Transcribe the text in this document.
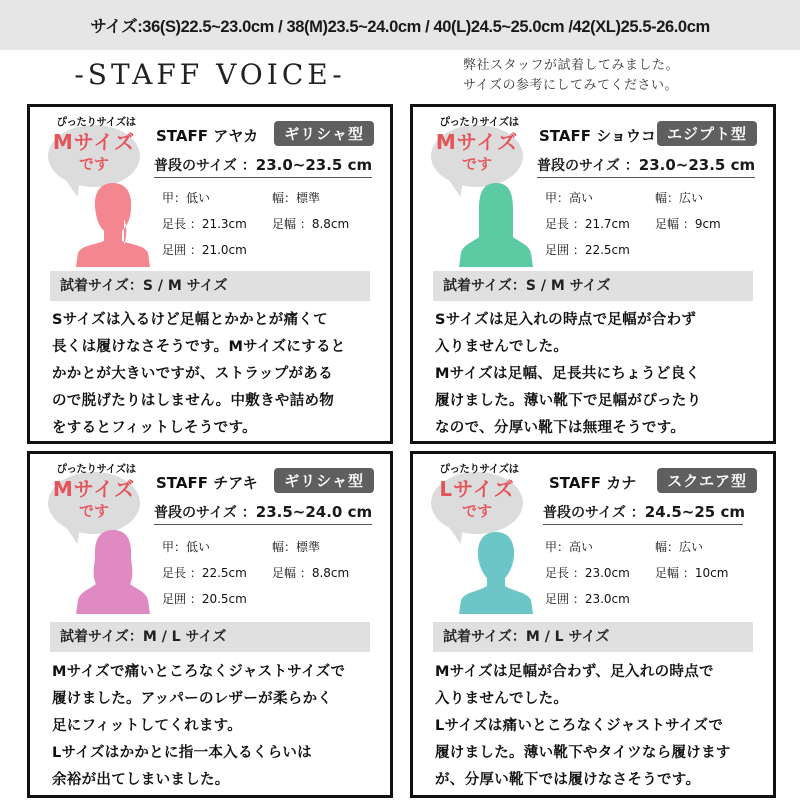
サイズ:36(S)22.5~23.0cm / 38(M)23.5~24.0cm / 40(L)24.5~25.0cm /42(XL)25.5-26.0cm
-STAFF VOICE-	弊社スタッフが試着してみました。
サイズの参考にしてみてください。
ぴったりサイズは
Mサイズ
です
STAFF アヤカ	ギリシャ型
普段のサイズ ：23.0~23.5 cm
甲：低い	幅：標準
足長 ：21.3cm 足幅 ：8.8cm
足囲 ：21.0cm
試着サイズ：S / M サイズ
Sサイズは入るけど足幅とかかとが痛くて
長くは履けなさそうです。Mサイズにすると
かかとが大きいですが、ストラップがある
ので脱げたりはしません。中敷きや詰め物
をするとフィットしそうです。
ぴったりサイズは
Mサイズ
です
STAFF ショウコ エジプト型
普段のサイズ ：23.0~23.5 cm
甲：高い	幅：広い
足長 ：21.7cm 足幅 ：9cm
足囲 ：22.5cm
試着サイズ：S / M サイズ
Sサイズは足入れの時点で足幅が合わず
入りませんでした。
Mサイズは足幅、足長共にちょうど良く
履けました。薄い靴下で足幅がぴったり
なので、分厚い靴下は無理そうです。
ぴったりサイズは
Mサイズ
です
STAFF チアキ	ギリシャ型
普段のサイズ ：23.5~24.0 cm
甲：低い	幅：標準
足長 ：22.5cm 足幅 ：8.8cm
足囲 ：20.5cm
試着サイズ：M / L サイズ
Mサイズで痛いところなくジャストサイズで
履けました。アッパーのレザーが柔らかく
足にフィットしてくれます。
Lサイズはかかとに指一本入るくらいは
余裕が出てしまいました。
ぴったりサイズは
Lサイズ
です
STAFF カナ	スクエア型
普段のサイズ ：24.5~25 cm
甲：高い	幅：広い
足長 ：23.0cm 足幅 ：10cm
足囲 ：23.0cm
試着サイズ：M / L サイズ
Mサイズは足幅が合わず、足入れの時点で
入りませんでした。
Lサイズは痛いところなくジャストサイズで
履けました。薄い靴下やタイツなら履けます
が、分厚い靴下では履けなさそうです。
